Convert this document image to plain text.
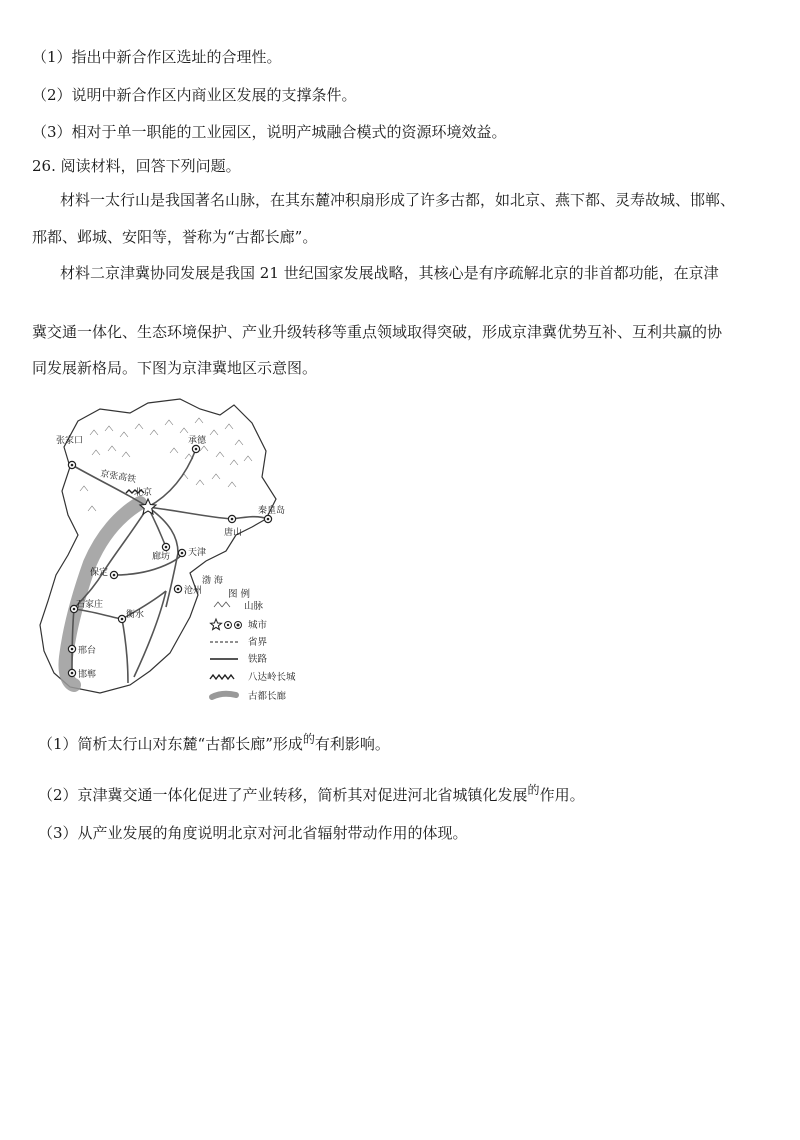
（1）指出中新合作区选址的合理性。
（2）说明中新合作区内商业区发展的支撑条件。
（3）相对于单一职能的工业园区，说明产城融合模式的资源环境效益。
26. 阅读材料，回答下列问题。
材料一太行山是我国著名山脉，在其东麓冲积扇形成了许多古都，如北京、燕下都、灵寿故城、邯郸、
邢都、邺城、安阳等，誉称为“古都长廊”。
材料二京津冀协同发展是我国 21 世纪国家发展战略，其核心是有序疏解北京的非首都功能，在京津
冀交通一体化、生态环境保护、产业升级转移等重点领域取得突破，形成京津冀优势互补、互利共赢的协
同发展新格局。下图为京津冀地区示意图。
张家口
京张高铁
承德
北京
秦皇岛
唐山
廊坊 天津
渤 海
保定
沧州
石家庄
衡水
邢台
邯郸
图 例
山脉
城市
省界
铁路
八达岭长城
古都长廊
（1）简析太行山对东麓“古都长廊”形成$^的$有利影响。
（2）京津冀交通一体化促进了产业转移，简析其对促进河北省城镇化发展$^的$作用。
（3）从产业发展的角度说明北京对河北省辐射带动作用的体现。
